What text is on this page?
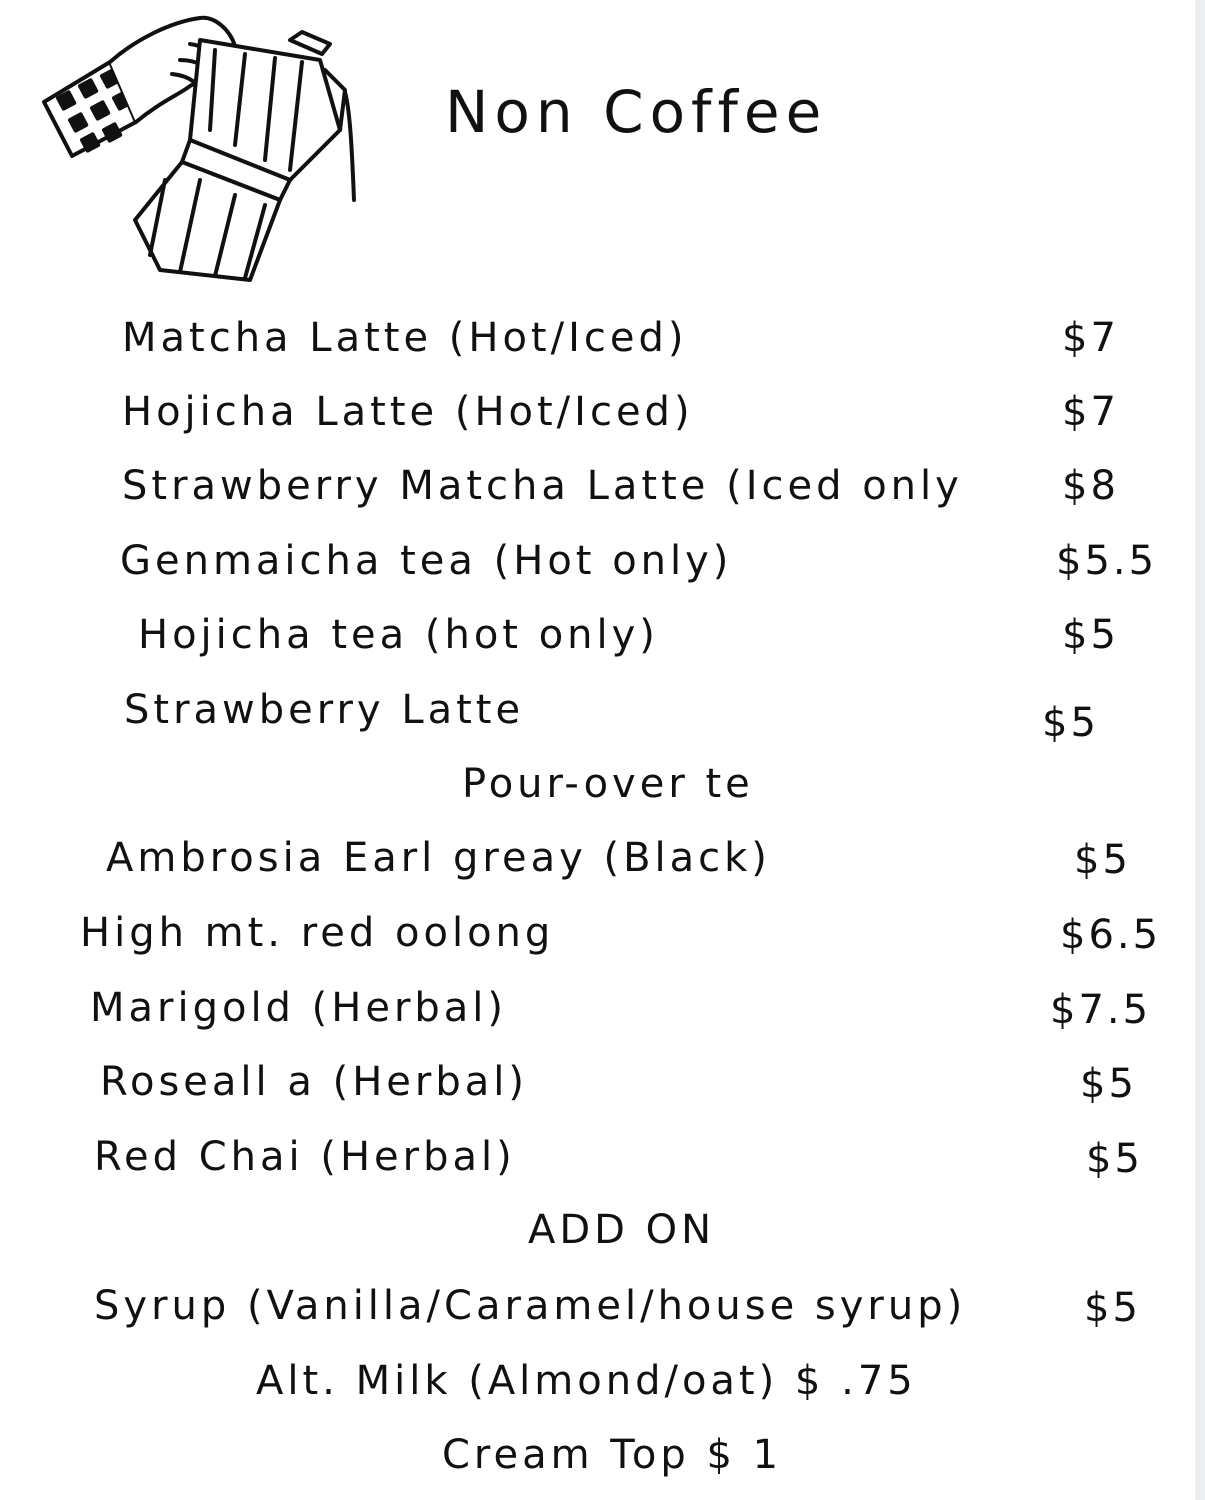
Non Coffee
Matcha Latte (Hot/Iced)	$7
Hojicha Latte (Hot/Iced)	$7
Strawberry Matcha Latte (Iced only $8
Genmaicha tea (Hot only)	$5.5
Hojicha tea (hot only)	$5
Strawberry Latte	$5
Pour-over te
Ambrosia Earl greay (Black)	$5
High mt. red oolong	$6.5
Marigold (Herbal)	$7.5
Roseall a (Herbal)	$5
Red Chai (Herbal)	$5
ADD ON
Syrup (Vanilla/Caramel/house syrup)	$5
Alt. Milk (Almond/oat) $ .75
Cream Top $ 1
